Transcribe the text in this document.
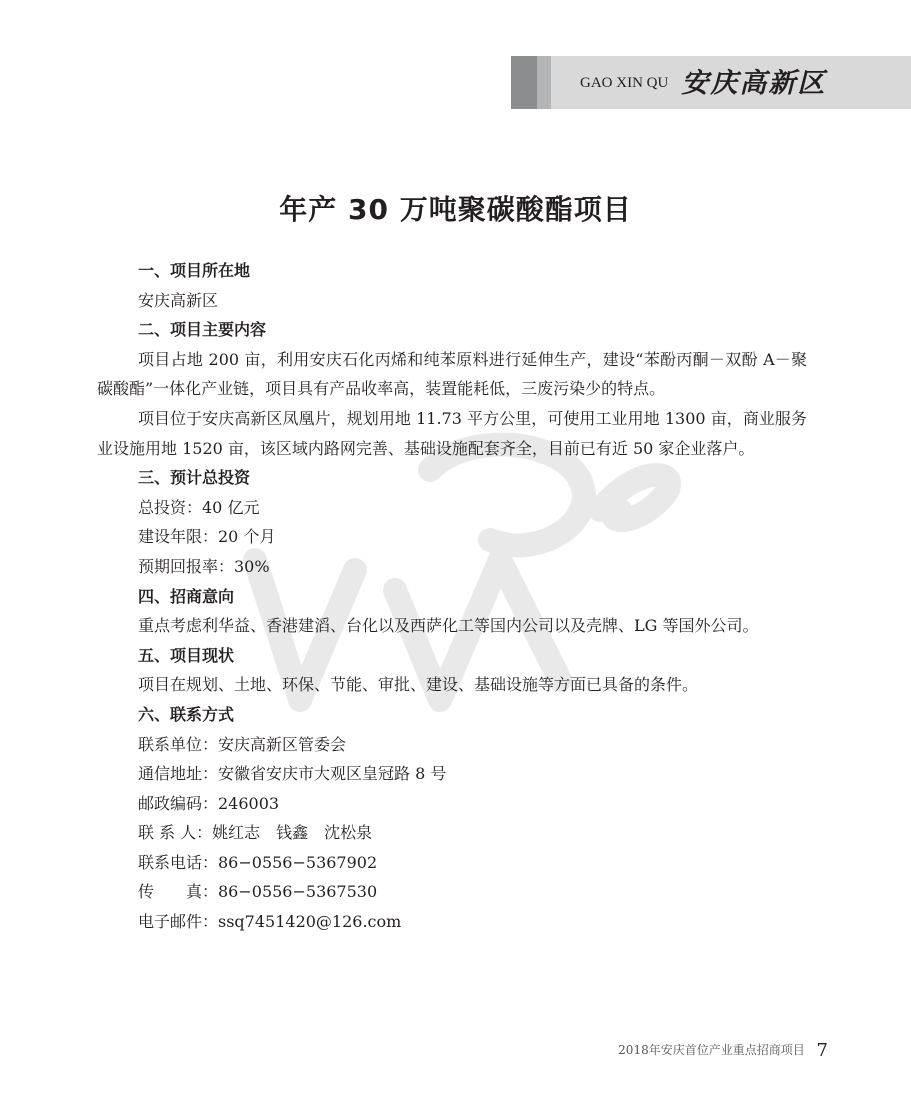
GAO XIN QU 安庆高新区
年产 30 万吨聚碳酸酯项目

一、项目所在地

安庆高新区

二、项目主要内容

项目占地 200 亩，利用安庆石化丙烯和纯苯原料进行延伸生产，建设“苯酚丙酮－双酚 A－聚碳酸酯”一体化产业链，项目具有产品收率高，装置能耗低，三废污染少的特点。

项目位于安庆高新区凤凰片，规划用地 11.73 平方公里，可使用工业用地 1300 亩，商业服务业设施用地 1520 亩，该区域内路网完善、基础设施配套齐全，目前已有近 50 家企业落户。

三、预计总投资

总投资：40 亿元

建设年限：20 个月

预期回报率：30%

四、招商意向

重点考虑利华益、香港建滔、台化以及西萨化工等国内公司以及壳牌、LG 等国外公司。

五、项目现状

项目在规划、土地、环保、节能、审批、建设、基础设施等方面已具备的条件。

六、联系方式

联系单位：安庆高新区管委会

通信地址：安徽省安庆市大观区皇冠路 8 号

邮政编码：246003

联 系 人：姚红志　钱鑫　沈松泉

联系电话：86−0556−5367902

传　　真：86−0556−5367530

电子邮件：ssq7451420@126.com

2018年安庆首位产业重点招商项目 7
